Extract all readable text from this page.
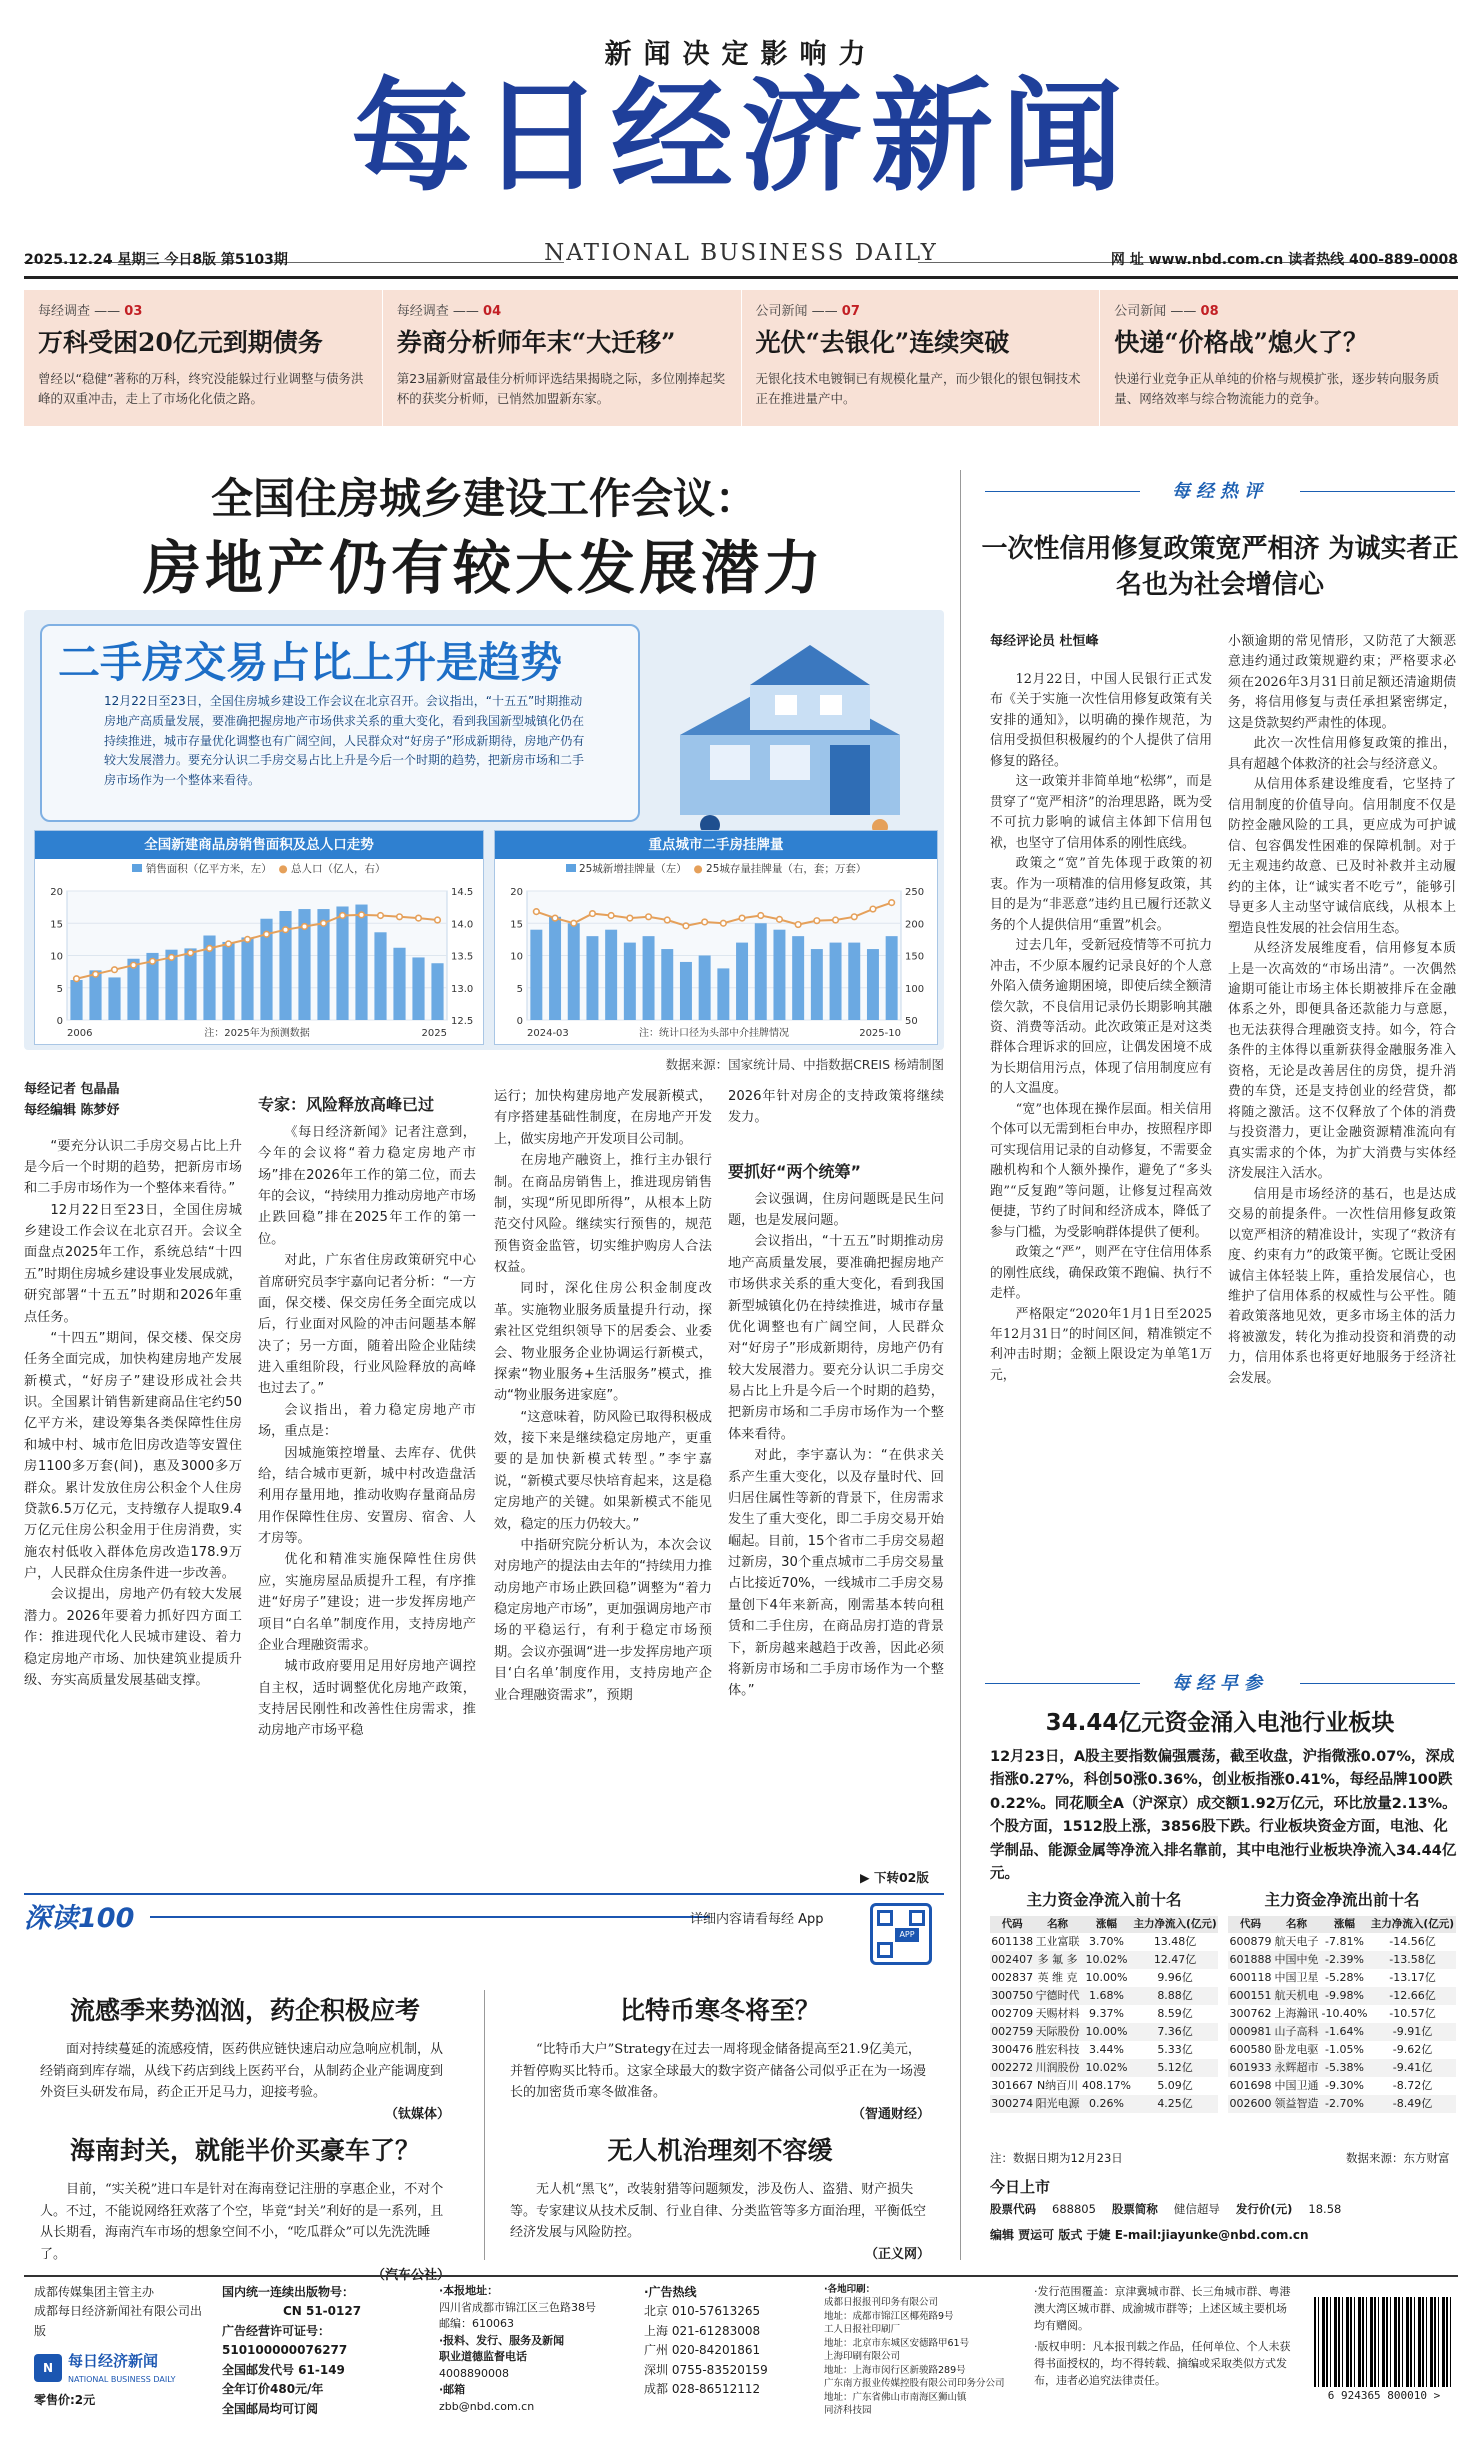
新闻决定影响力
每日经济新闻
NATIONAL BUSINESS DAILY
2025.12.24 星期三 今日8版 第5103期	网 址 www.nbd.com.cn 读者热线 400-889-0008
每经调查 —— 03
万科受困20亿元到期债务
曾经以“稳健”著称的万科，终究没能躲过行业调整与债务洪峰的双重冲击，走上了市场化化债之路。
每经调查 —— 04
券商分析师年末“大迁移”
第23届新财富最佳分析师评选结果揭晓之际，多位刚捧起奖杯的获奖分析师，已悄然加盟新东家。
公司新闻 —— 07
光伏“去银化”连续突破
无银化技术电镀铜已有规模化量产，而少银化的银包铜技术正在推进量产中。
公司新闻 —— 08
快递“价格战”熄火了？
快递行业竞争正从单纯的价格与规模扩张，逐步转向服务质量、网络效率与综合物流能力的竞争。
全国住房城乡建设工作会议：
房地产仍有较大发展潜力
二手房交易占比上升是趋势
12月22日至23日，全国住房城乡建设工作会议在北京召开。会议指出，“十五五”时期推动房地产高质量发展，要准确把握房地产市场供求关系的重大变化，看到我国新型城镇化仍在持续推进，城市存量优化调整也有广阔空间，人民群众对“好房子”形成新期待，房地产仍有较大发展潜力。要充分认识二手房交易占比上升是今后一个时期的趋势，把新房市场和二手房市场作为一个整体来看待。
全国新建商品房销售面积及总人口走势
销售面积（亿平方米，左） ● 总人口（亿人，右）
0
5
10
15
20
12.5
13.0
13.5
14.0
14.5
2006	2025
注：2025年为预测数据
重点城市二手房挂牌量
25城新增挂牌量（左） ● 25城存量挂牌量（右，套；万套）
0
5
10
15
20
50
100
150
200
250
2024-03	2025-10
注：统计口径为头部中介挂牌情况
数据来源：国家统计局、中指数据CREIS 杨靖制图
每经记者 包晶晶
每经编辑 陈梦妤

“要充分认识二手房交易占比上升是今后一个时期的趋势，把新房市场和二手房市场作为一个整体来看待。”

12月22日至23日，全国住房城乡建设工作会议在北京召开。会议全面盘点2025年工作，系统总结“十四五”时期住房城乡建设事业发展成就，研究部署“十五五”时期和2026年重点任务。

“十四五”期间，保交楼、保交房任务全面完成，加快构建房地产发展新模式，“好房子”建设形成社会共识。全国累计销售新建商品住宅约50亿平方米，建设筹集各类保障性住房和城中村、城市危旧房改造等安置住房1100多万套(间)，惠及3000多万群众。累计发放住房公积金个人住房贷款6.5万亿元，支持缴存人提取9.4万亿元住房公积金用于住房消费，实施农村低收入群体危房改造178.9万户，人民群众住房条件进一步改善。

会议提出，房地产仍有较大发展潜力。2026年要着力抓好四方面工作：推进现代化人民城市建设、着力稳定房地产市场、加快建筑业提质升级、夯实高质量发展基础支撑。

专家：风险释放高峰已过

《每日经济新闻》记者注意到，今年的会议将“着力稳定房地产市场”排在2026年工作的第二位，而去年的会议，“持续用力推动房地产市场止跌回稳”排在2025年工作的第一位。

对此，广东省住房政策研究中心首席研究员李宇嘉向记者分析：“一方面，保交楼、保交房任务全面完成以后，行业面对风险的冲击问题基本解决了；另一方面，随着出险企业陆续进入重组阶段，行业风险释放的高峰也过去了。”

会议指出，着力稳定房地产市场，重点是：

因城施策控增量、去库存、优供给，结合城市更新，城中村改造盘活利用存量用地，推动收购存量商品房用作保障性住房、安置房、宿舍、人才房等。

优化和精准实施保障性住房供应，实施房屋品质提升工程，有序推进“好房子”建设；进一步发挥房地产项目“白名单”制度作用，支持房地产企业合理融资需求。

城市政府要用足用好房地产调控自主权，适时调整优化房地产政策，支持居民刚性和改善性住房需求，推动房地产市场平稳

运行；加快构建房地产发展新模式，有序搭建基础性制度，在房地产开发上，做实房地产开发项目公司制。

在房地产融资上，推行主办银行制。在商品房销售上，推进现房销售制，实现“所见即所得”，从根本上防范交付风险。继续实行预售的，规范预售资金监管，切实维护购房人合法权益。

同时，深化住房公积金制度改革。实施物业服务质量提升行动，探索社区党组织领导下的居委会、业委会、物业服务企业协调运行新模式，探索“物业服务+生活服务”模式，推动“物业服务进家庭”。

“这意味着，防风险已取得积极成效，接下来是继续稳定房地产，更重要的是加快新模式转型。”李宇嘉说，“新模式要尽快培育起来，这是稳定房地产的关键。如果新模式不能见效，稳定的压力仍较大。”

中指研究院分析认为，本次会议对房地产的提法由去年的“持续用力推动房地产市场止跌回稳”调整为“着力稳定房地产市场”，更加强调房地产市场的平稳运行，有利于稳定市场预期。会议亦强调“进一步发挥房地产项目‘白名单’制度作用，支持房地产企业合理融资需求”，预期

2026年针对房企的支持政策将继续发力。

要抓好“两个统筹”

会议强调，住房问题既是民生问题，也是发展问题。

会议指出，“十五五”时期推动房地产高质量发展，要准确把握房地产市场供求关系的重大变化，看到我国新型城镇化仍在持续推进，城市存量优化调整也有广阔空间，人民群众对“好房子”形成新期待，房地产仍有较大发展潜力。要充分认识二手房交易占比上升是今后一个时期的趋势，把新房市场和二手房市场作为一个整体来看待。

对此，李宇嘉认为：“在供求关系产生重大变化，以及存量时代、回归居住属性等新的背景下，住房需求发生了重大变化，即二手房交易开始崛起。目前，15个省市二手房交易超过新房，30个重点城市二手房交易量占比接近70%，一线城市二手房交易量创下4年来新高，刚需基本转向租赁和二手住房，在商品房打造的背景下，新房越来越趋于改善，因此必须将新房市场和二手房市场作为一个整体。”

▶ 下转02版
深读100	详细内容请看每经 App
APP
流感季来势汹汹，药企积极应考
面对持续蔓延的流感疫情，医药供应链快速启动应急响应机制，从经销商到库存端，从线下药店到线上医药平台，从制药企业产能调度到外资巨头研发布局，药企正开足马力，迎接考验。
（钛媒体）
比特币寒冬将至？
“比特币大户”Strategy在过去一周将现金储备提高至21.9亿美元，并暂停购买比特币。这家全球最大的数字资产储备公司似乎正在为一场漫长的加密货币寒冬做准备。
（智通财经）
海南封关，就能半价买豪车了？
目前，“实关税”进口车是针对在海南登记注册的享惠企业，不对个人。不过，不能说网络狂欢落了个空，毕竟“封关”利好的是一系列，且从长期看，海南汽车市场的想象空间不小，“吃瓜群众”可以先洗洗睡了。
（汽车公社）
无人机治理刻不容缓
无人机“黑飞”，改装射猎等问题频发，涉及伤人、盗猎、财产损失等。专家建议从技术反制、行业自律、分类监管等多方面治理，平衡低空经济发展与风险防控。
（正义网）
每经热评
一次性信用修复政策宽严相济 为诚实者正名也为社会增信心
每经评论员 杜恒峰

12月22日，中国人民银行正式发布《关于实施一次性信用修复政策有关安排的通知》，以明确的操作规范，为信用受损但积极履约的个人提供了信用修复的路径。

这一政策并非简单地“松绑”，而是贯穿了“宽严相济”的治理思路，既为受不可抗力影响的诚信主体卸下信用包袱，也坚守了信用体系的刚性底线。

政策之“宽”首先体现于政策的初衷。作为一项精准的信用修复政策，其目的是为“非恶意”违约且已履行还款义务的个人提供信用“重置”机会。

过去几年，受新冠疫情等不可抗力冲击，不少原本履约记录良好的个人意外陷入债务逾期困境，即使后续全额清偿欠款，不良信用记录仍长期影响其融资、消费等活动。此次政策正是对这类群体合理诉求的回应，让偶发困境不成为长期信用污点，体现了信用制度应有的人文温度。

“宽”也体现在操作层面。相关信用个体可以无需到柜台申办，按照程序即可实现信用记录的自动修复，不需要金融机构和个人额外操作，避免了“多头跑”“反复跑”等问题，让修复过程高效便捷，节约了时间和经济成本，降低了参与门槛，为受影响群体提供了便利。

政策之“严”，则严在守住信用体系的刚性底线，确保政策不跑偏、执行不走样。

严格限定“2020年1月1日至2025年12月31日”的时间区间，精准锁定不利冲击时期；金额上限设定为单笔1万元，

小额逾期的常见情形，又防范了大额恶意违约通过政策规避约束；严格要求必须在2026年3月31日前足额还清逾期债务，将信用修复与责任承担紧密绑定，这是贷款契约严肃性的体现。

此次一次性信用修复政策的推出，具有超越个体救济的社会与经济意义。

从信用体系建设维度看，它坚持了信用制度的价值导向。信用制度不仅是防控金融风险的工具，更应成为可护诚信、包容偶发性困难的保障机制。对于无主观违约故意、已及时补救并主动履约的主体，让“诚实者不吃亏”，能够引导更多人主动坚守诚信底线，从根本上塑造良性发展的社会信用生态。

从经济发展维度看，信用修复本质上是一次高效的“市场出清”。一次偶然逾期可能让市场主体长期被排斥在金融体系之外，即便具备还款能力与意愿，也无法获得合理融资支持。如今，符合条件的主体得以重新获得金融服务准入资格，无论是改善居住的房贷，提升消费的车贷，还是支持创业的经营贷，都将随之激活。这不仅释放了个体的消费与投资潜力，更让金融资源精准流向有真实需求的个体，为扩大消费与实体经济发展注入活水。

信用是市场经济的基石，也是达成交易的前提条件。一次性信用修复政策以宽严相济的精准设计，实现了“救济有度、约束有力”的政策平衡。它既让受困诚信主体轻装上阵，重拾发展信心，也维护了信用体系的权威性与公平性。随着政策落地见效，更多市场主体的活力将被激发，转化为推动投资和消费的动力，信用体系也将更好地服务于经济社会发展。

每经早参
34.44亿元资金涌入电池行业板块
12月23日，A股主要指数偏强震荡，截至收盘，沪指微涨0.07%，深成指涨0.27%，科创50涨0.36%，创业板指涨0.41%，每经品牌100跌0.22%。同花顺全A（沪深京）成交额1.92万亿元，环比放量2.13%。个股方面，1512股上涨，3856股下跌。行业板块资金方面，电池、化学制品、能源金属等净流入排名靠前，其中电池行业板块净流入34.44亿元。
主力资金净流入前十名
代码	名称	涨幅	主力净流入(亿元)
601138	工业富联	3.70%	13.48亿
002407	多 氟 多	10.02%	12.47亿
002837	英 维 克	10.00%	9.96亿
300750	宁德时代	1.68%	8.88亿
002709	天赐材料	9.37%	8.59亿
002759	天际股份	10.00%	7.36亿
300476	胜宏科技	3.44%	5.33亿
002272	川润股份	10.02%	5.12亿
301667	N纳百川	408.17%	5.09亿
300274	阳光电源	0.26%	4.25亿
主力资金净流出前十名
代码	名称	涨幅	主力净流入(亿元)
600879	航天电子	-7.81%	-14.56亿
601888	中国中免	-2.39%	-13.58亿
600118	中国卫星	-5.28%	-13.17亿
600151	航天机电	-9.98%	-12.66亿
300762	上海瀚讯	-10.40%	-10.57亿
000981	山子高科	-1.64%	-9.91亿
600580	卧龙电驱	-1.05%	-9.62亿
601933	永辉超市	-5.38%	-9.41亿
601698	中国卫通	-9.30%	-8.72亿
002600	领益智造	-2.70%	-8.49亿
注：数据日期为12月23日	数据来源：东方财富
今日上市
股票代码 688805 股票简称 健信超导 发行价(元) 18.58
编辑 贾运可 版式 于婕 E-mail:jiayunke@nbd.com.cn
成都传媒集团主管主办
成都每日经济新闻社有限公司出版
N 每日经济新闻
NATIONAL BUSINESS DAILY
零售价:2元
国内统一连续出版物号：
CN 51-0127
广告经营许可证号：510100000076277
全国邮发代号 61-149
全年订价480元/年
全国邮局均可订阅
·本报地址：
四川省成都市锦江区三色路38号
邮编：610063
·报料、发行、服务及新闻
职业道德监督电话
4008890008
·邮箱
zbb@nbd.com.cn
·广告热线
北京 010-57613265
上海 021-61283008
广州 020-84201861
深圳 0755-83520159
成都 028-86512112
·各地印刷：
成都日报报刊印务有限公司
地址：成都市锦江区椰苑路9号
工人日报社印刷厂
地址：北京市东城区安德路甲61号
上海印刷有限公司
地址：上海市闵行区新骏路289号
广东南方报业传媒控股有限公司印务分公司
地址：广东省佛山市南海区狮山镇
同济科技园
·发行范围覆盖：京津冀城市群、长三角城市群、粤港澳大湾区城市群、成渝城市群等；上述区域主要机场均有赠阅。
·版权申明：凡本报刊载之作品，任何单位、个人未获得书面授权的，均不得转载、摘编或采取类似方式发布，违者必追究法律责任。
6 924365 800010 >
